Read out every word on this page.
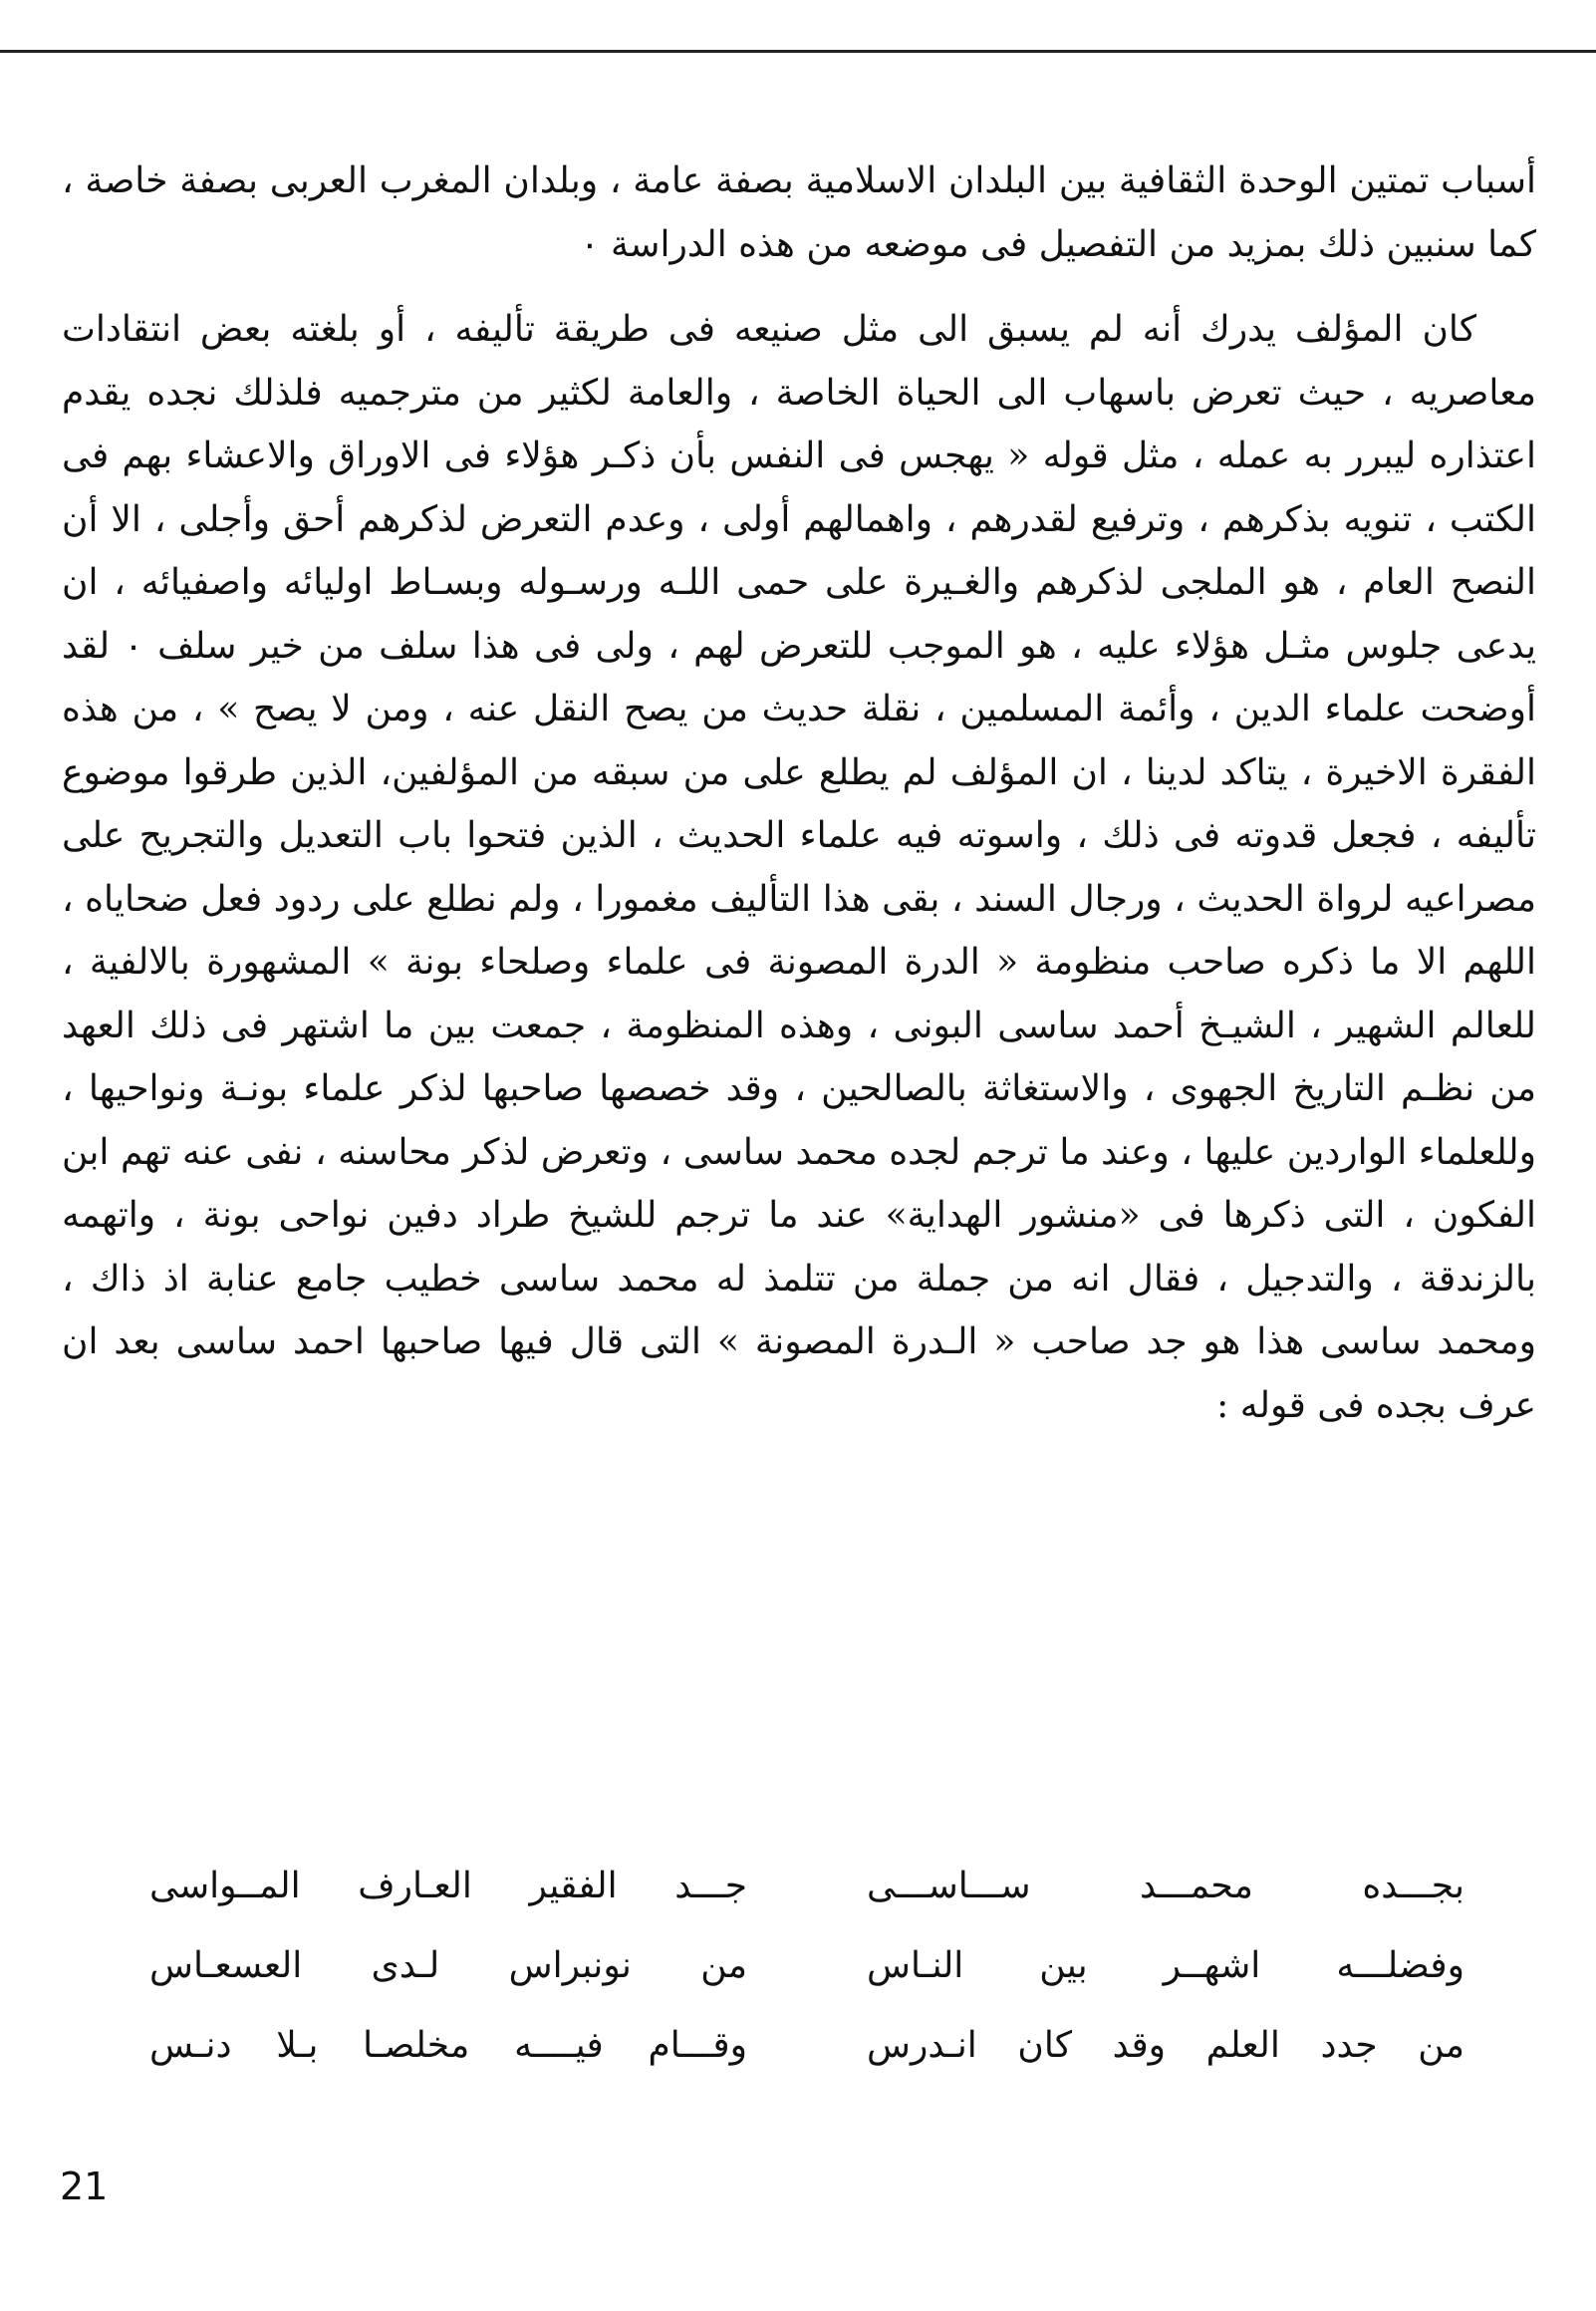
أسباب تمتين الوحدة الثقافية بين البلدان الاسلامية بصفة عامة ، وبلدان المغرب العربى بصفة خاصة ، كما سنبين ذلك بمزيد من التفصيل فى موضعه من هذه الدراسة ٠

كان المؤلف يدرك أنه لم يسبق الى مثل صنيعه فى طريقة تأليفه ، أو بلغته بعض انتقادات معاصريه ، حيث تعرض باسهاب الى الحياة الخاصة ، والعامة لكثير من مترجميه فلذلك نجده يقدم اعتذاره ليبرر به عمله ، مثل قوله « يهجس فى النفس بأن ذكـر هؤلاء فى الاوراق والاعشاء بهم فى الكتب ، تنويه بذكرهم ، وترفيع لقدرهم ، واهمالهم أولى ، وعدم التعرض لذكرهم أحق وأجلى ، الا أن النصح العام ، هو الملجى لذكرهم والغـيرة على حمى اللـه ورسـوله وبسـاط اوليائه واصفيائه ، ان يدعى جلوس مثـل هؤلاء عليه ، هو الموجب للتعرض لهم ، ولى فى هذا سلف من خير سلف ٠ لقد أوضحت علماء الدين ، وأئمة المسلمين ، نقلة حديث من يصح النقل عنه ، ومن لا يصح » ، من هذه الفقرة الاخيرة ، يتاكد لدينا ، ان المؤلف لم يطلع على من سبقه من المؤلفين، الذين طرقوا موضوع تأليفه ، فجعل قدوته فى ذلك ، واسوته فيه علماء الحديث ، الذين فتحوا باب التعديل والتجريح على مصراعيه لرواة الحديث ، ورجال السند ، بقى هذا التأليف مغمورا ، ولم نطلع على ردود فعل ضحاياه ، اللهم الا ما ذكره صاحب منظومة « الدرة المصونة فى علماء وصلحاء بونة » المشهورة بالالفية ، للعالم الشهير ، الشيـخ أحمد ساسى البونى ، وهذه المنظومة ، جمعت بين ما اشتهر فى ذلك العهد من نظـم التاريخ الجهوى ، والاستغاثة بالصالحين ، وقد خصصها صاحبها لذكر علماء بونـة ونواحيها ، وللعلماء الواردين عليها ، وعند ما ترجم لجده محمد ساسى ، وتعرض لذكر محاسنه ، نفى عنه تهم ابن الفكون ، التى ذكرها فى «منشور الهداية» عند ما ترجم للشيخ طراد دفين نواحى بونة ، واتهمه بالزندقة ، والتدجيل ، فقال انه من جملة من تتلمذ له محمد ساسى خطيب جامع عنابة اذ ذاك ، ومحمد ساسى هذا هو جد صاحب « الـدرة المصونة » التى قال فيها صاحبها احمد ساسى بعد ان عرف بجده فى قوله :

بجـــده محمـــد ســـاســـى
جـــد الفقير العـارف المــواسى
وفضلـــه اشهــر بين النـاس
من نونبراس لـدى العسعـاس
من جدد العلم وقد كان انـدرس
وقـــام فيــــه مخلصـا بـلا دنـس
21
